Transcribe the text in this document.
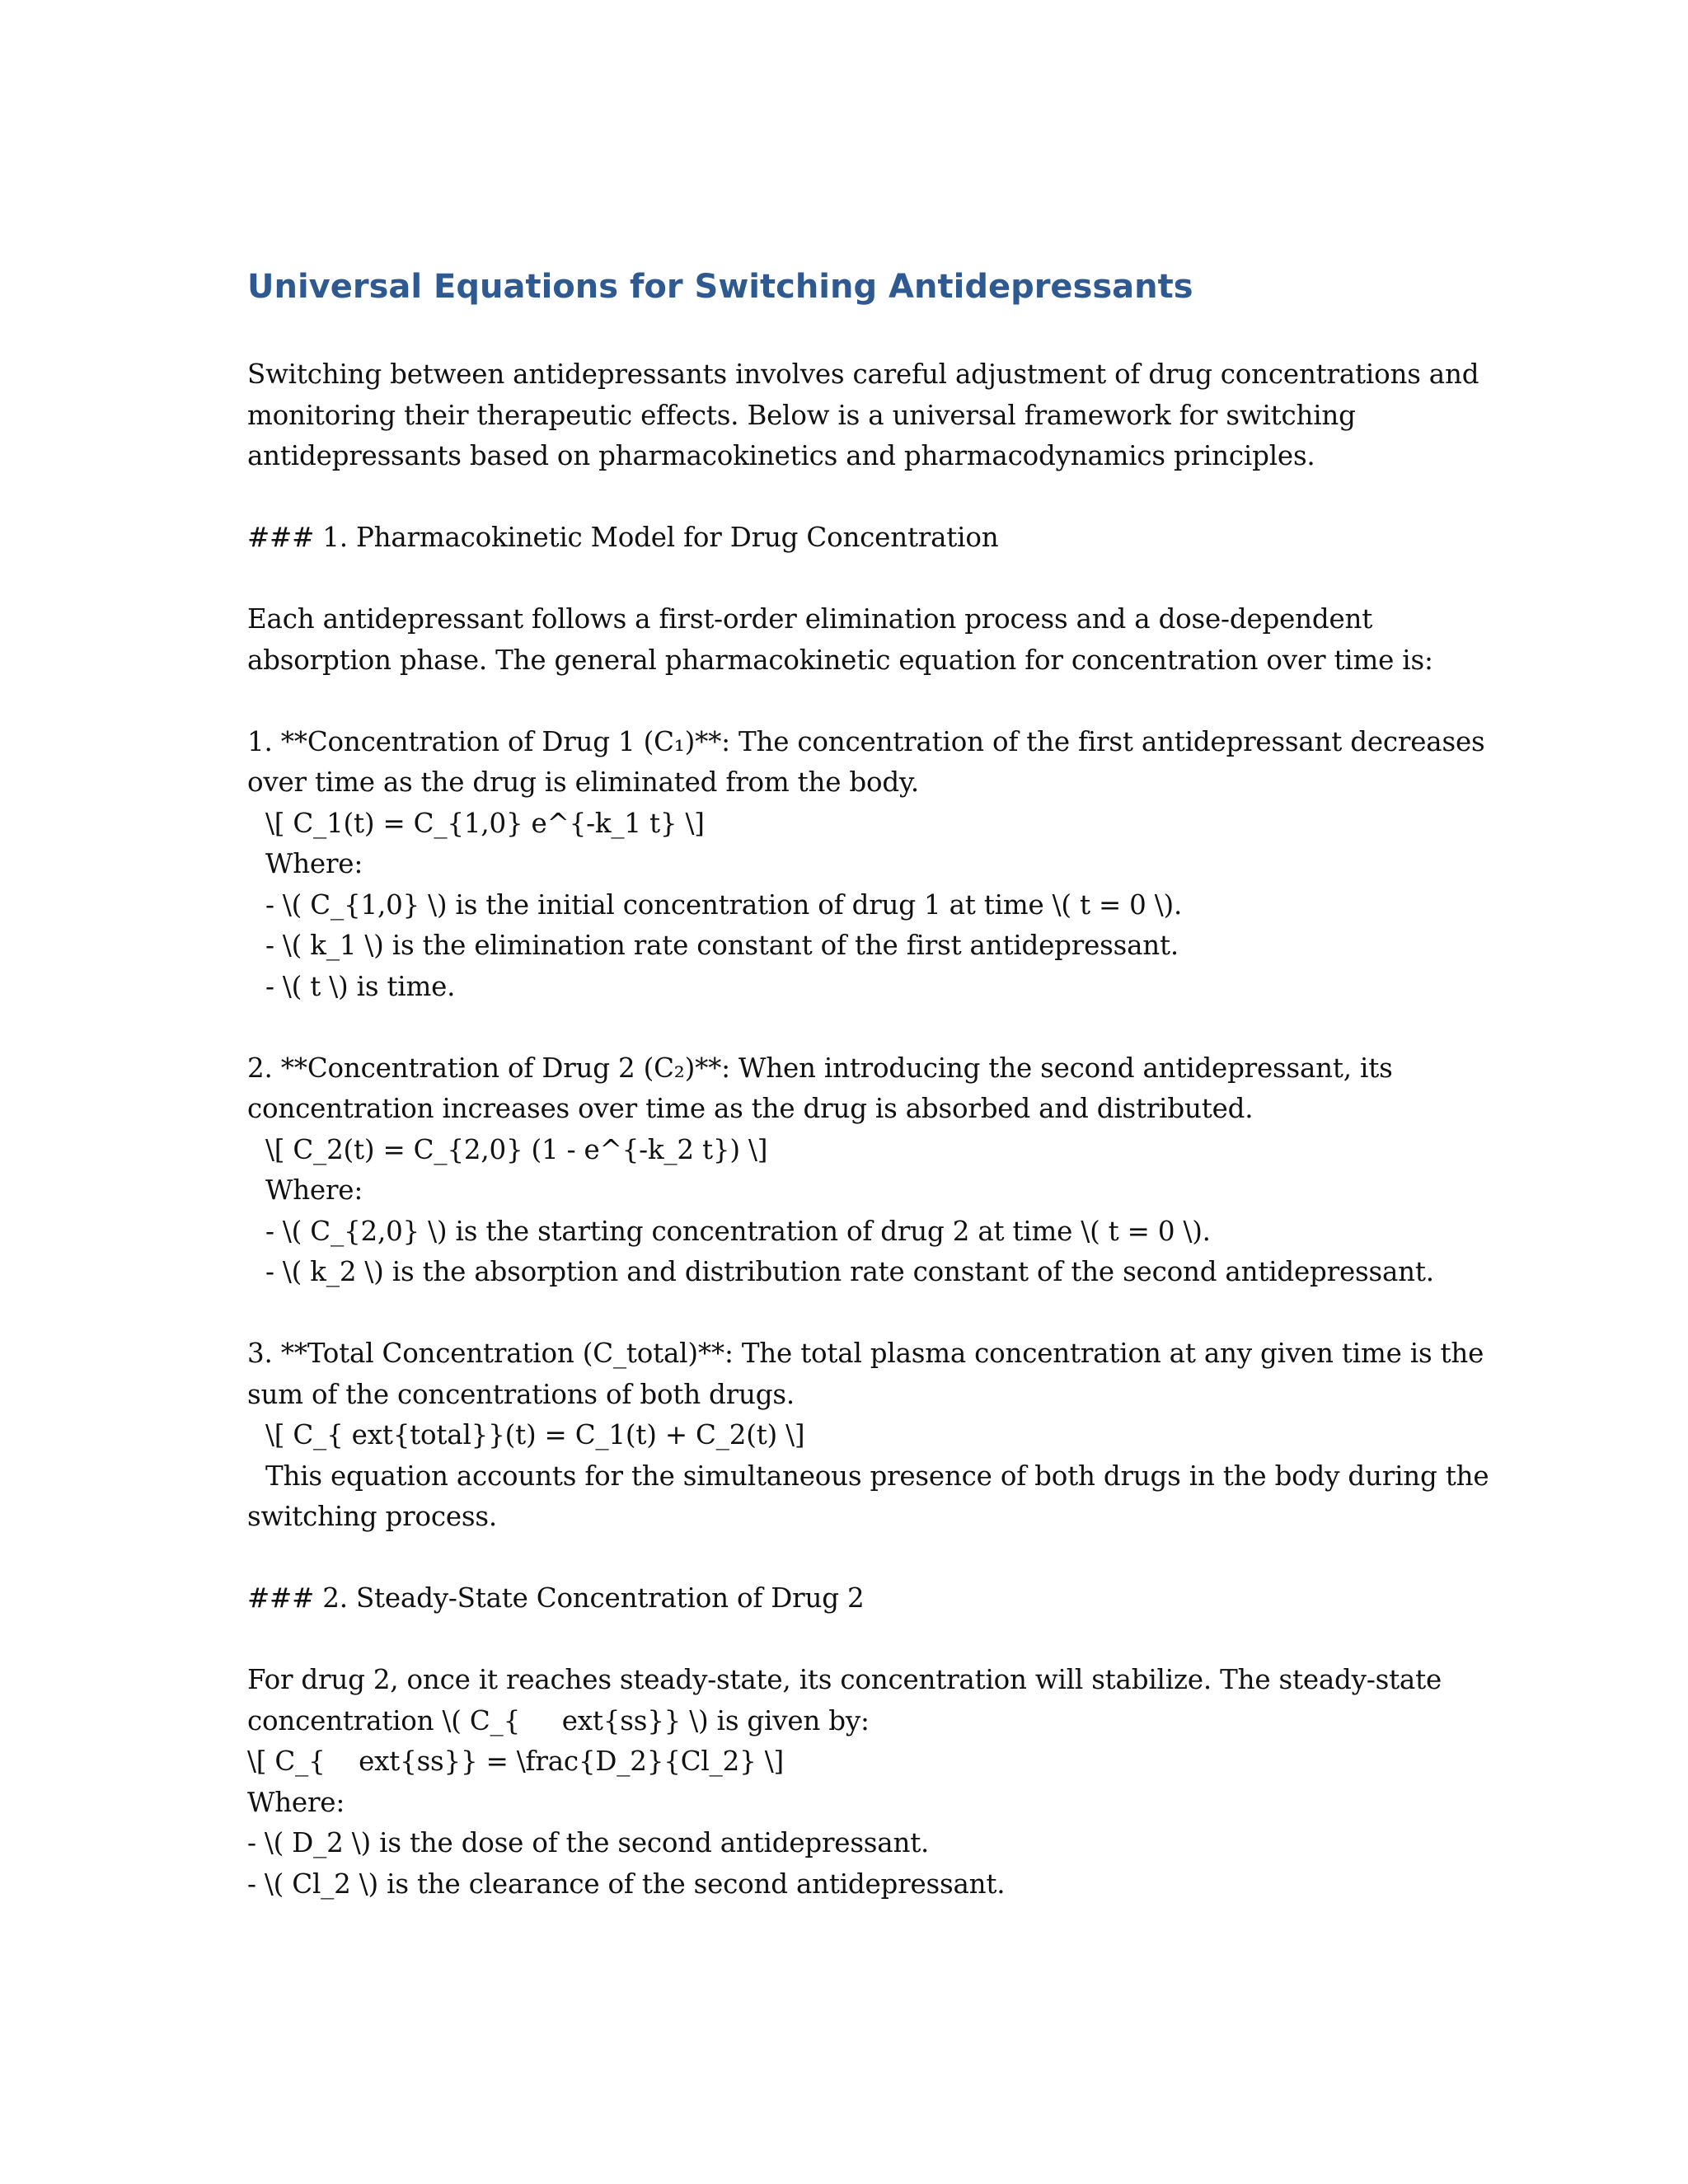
Universal Equations for Switching Antidepressants
Switching between antidepressants involves careful adjustment of drug concentrations and
monitoring their therapeutic effects. Below is a universal framework for switching
antidepressants based on pharmacokinetics and pharmacodynamics principles.
### 1. Pharmacokinetic Model for Drug Concentration
Each antidepressant follows a first-order elimination process and a dose-dependent
absorption phase. The general pharmacokinetic equation for concentration over time is:
1. **Concentration of Drug 1 (C₁)**: The concentration of the first antidepressant decreases
over time as the drug is eliminated from the body.
\[ C_1(t) = C_{1,0} e^{-k_1 t} \]
Where:
- \( C_{1,0} \) is the initial concentration of drug 1 at time \( t = 0 \).
- \( k_1 \) is the elimination rate constant of the first antidepressant.
- \( t \) is time.
2. **Concentration of Drug 2 (C₂)**: When introducing the second antidepressant, its
concentration increases over time as the drug is absorbed and distributed.
\[ C_2(t) = C_{2,0} (1 - e^{-k_2 t}) \]
Where:
- \( C_{2,0} \) is the starting concentration of drug 2 at time \( t = 0 \).
- \( k_2 \) is the absorption and distribution rate constant of the second antidepressant.
3. **Total Concentration (C_total)**: The total plasma concentration at any given time is the
sum of the concentrations of both drugs.
\[ C_{ ext{total}}(t) = C_1(t) + C_2(t) \]
This equation accounts for the simultaneous presence of both drugs in the body during the
switching process.
### 2. Steady-State Concentration of Drug 2
For drug 2, once it reaches steady-state, its concentration will stabilize. The steady-state
concentration \( C_{     ext{ss}} \) is given by:
\[ C_{    ext{ss}} = \frac{D_2}{Cl_2} \]
Where:
- \( D_2 \) is the dose of the second antidepressant.
- \( Cl_2 \) is the clearance of the second antidepressant.
